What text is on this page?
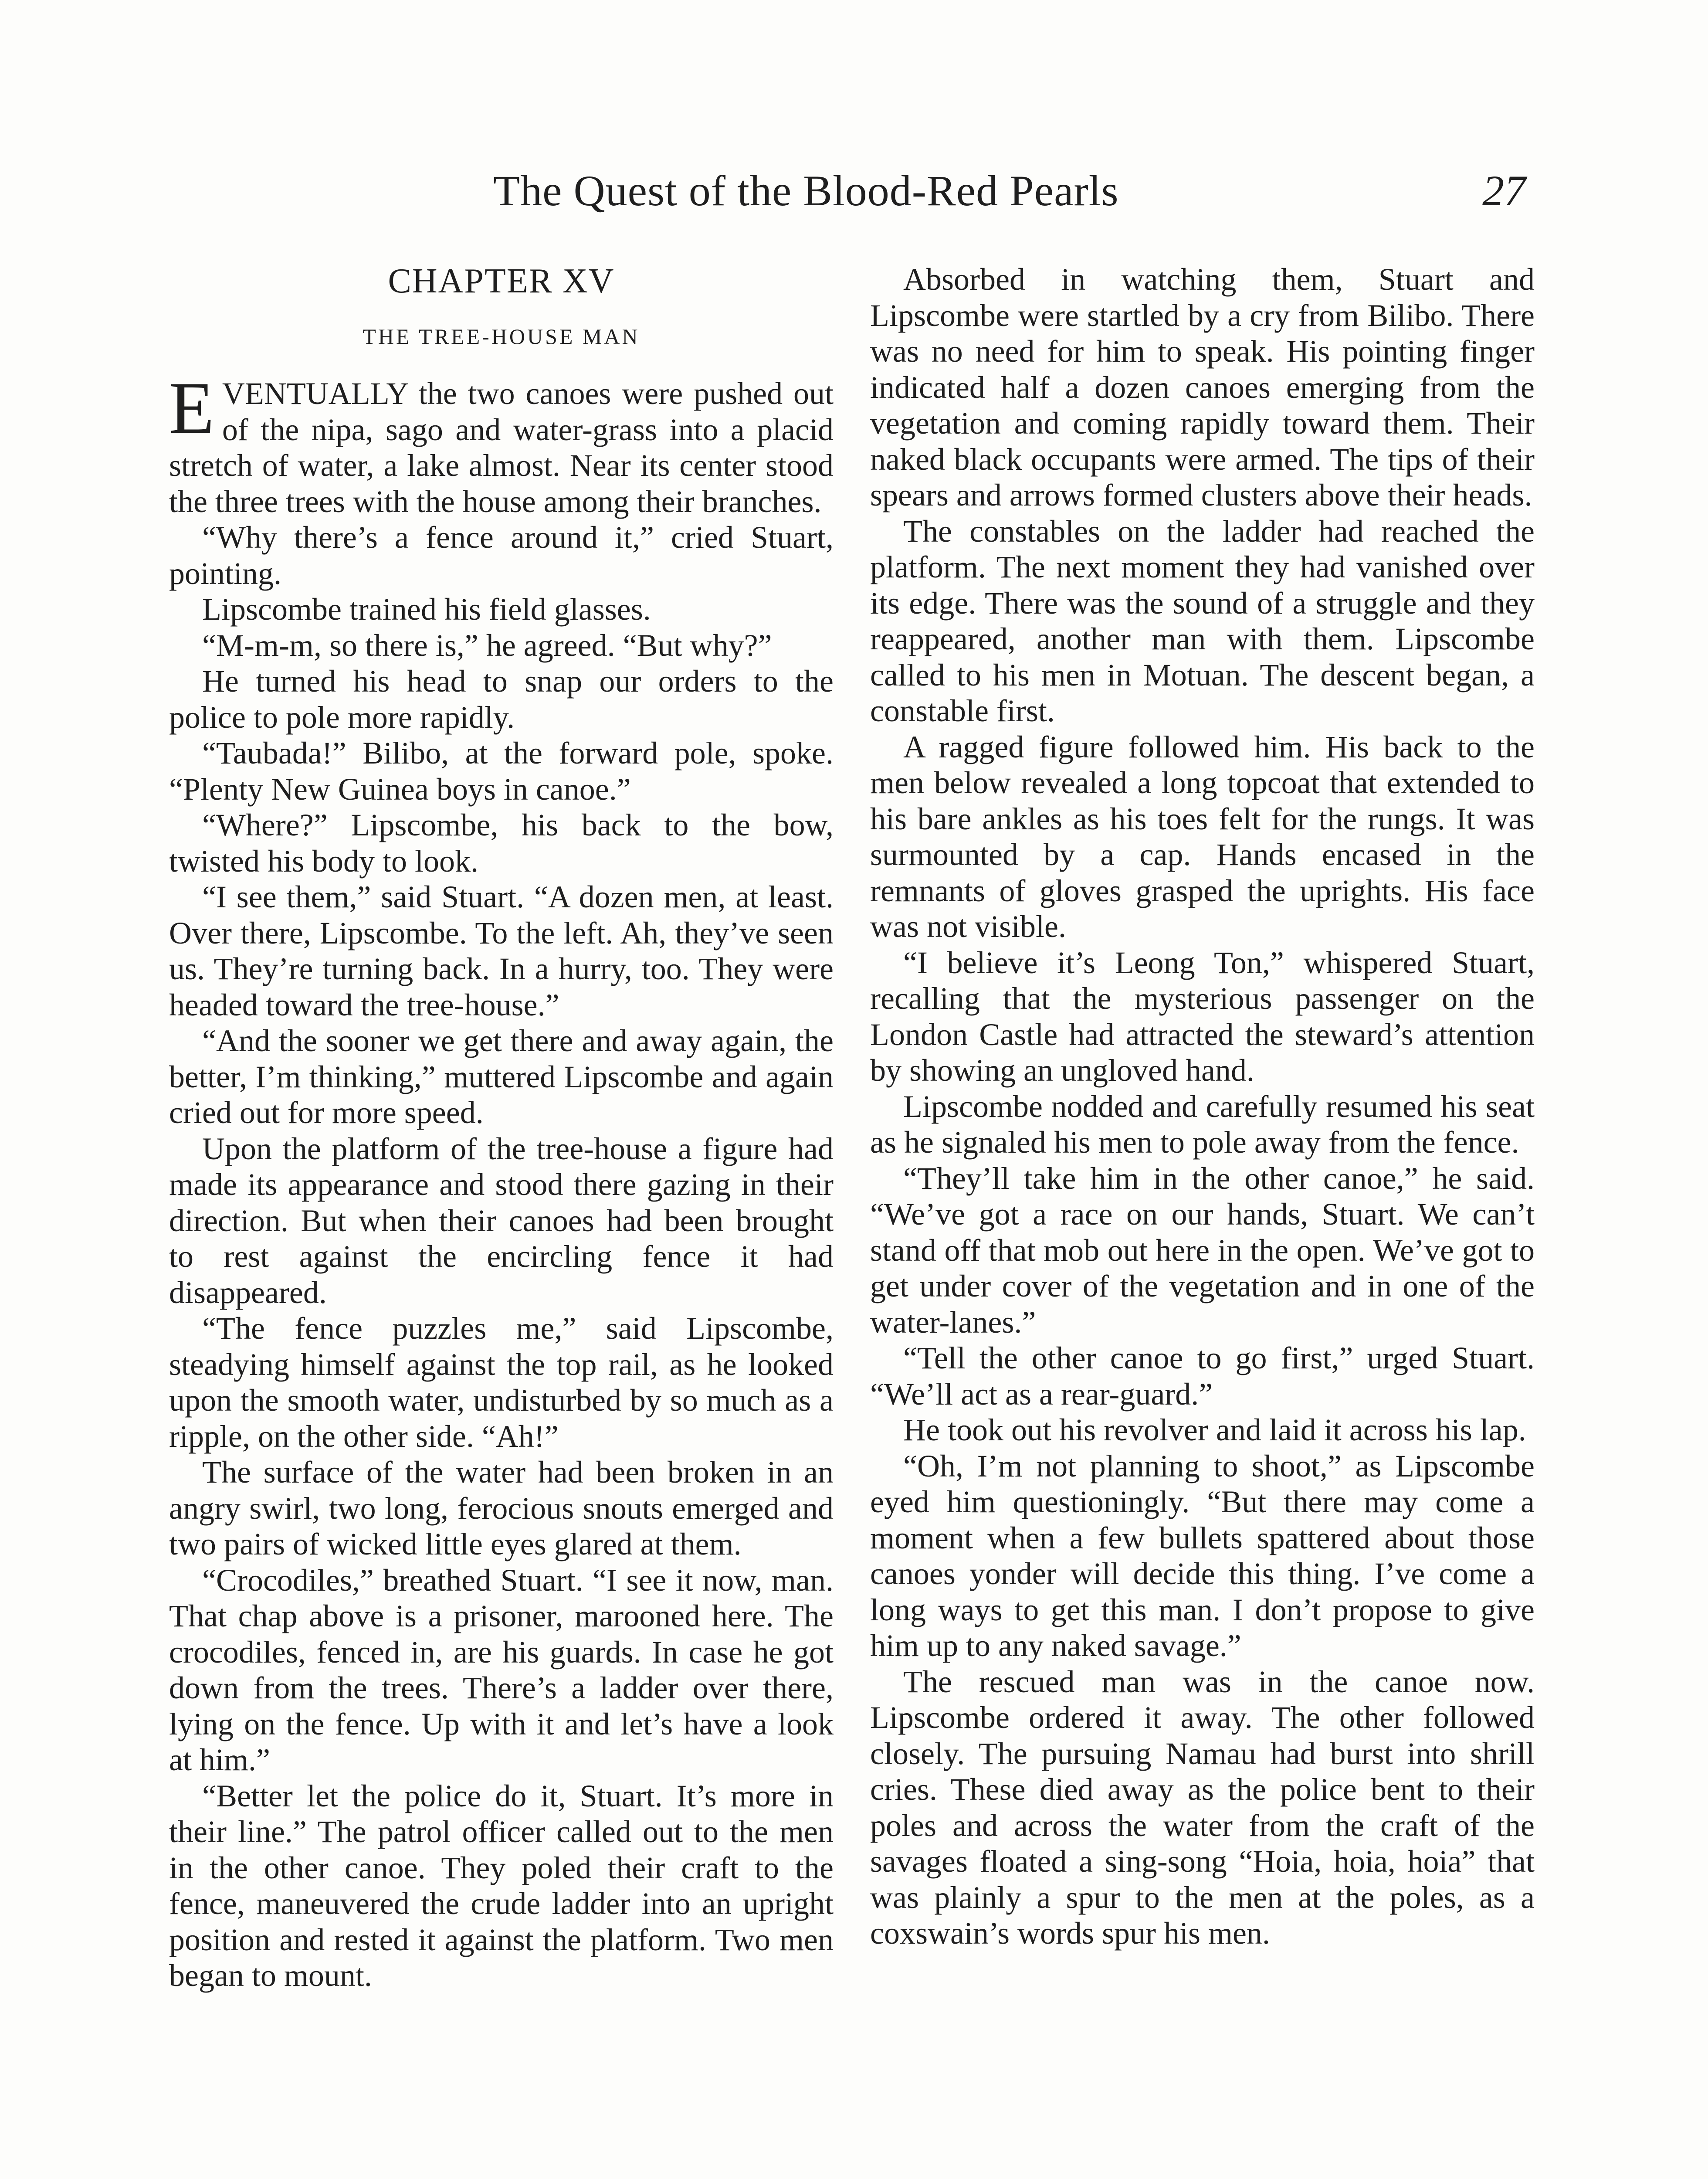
The Quest of the Blood-Red Pearls	27
CHAPTER XV
THE TREE-HOUSE MAN

EVENTUALLY the two canoes were pushed out of the nipa, sago and water-grass into a placid stretch of water, a lake almost. Near its center stood the three trees with the house among their branches.

“Why there’s a fence around it,” cried Stuart, pointing.

Lipscombe trained his field glasses.

“M-m-m, so there is,” he agreed. “But why?”

He turned his head to snap our orders to the police to pole more rapidly.

“Taubada!” Bilibo, at the forward pole, spoke. “Plenty New Guinea boys in canoe.”

“Where?” Lipscombe, his back to the bow, twisted his body to look.

“I see them,” said Stuart. “A dozen men, at least. Over there, Lipscombe. To the left. Ah, they’ve seen us. They’re turning back. In a hurry, too. They were headed toward the tree-house.”

“And the sooner we get there and away again, the better, I’m thinking,” muttered Lipscombe and again cried out for more speed.

Upon the platform of the tree-house a figure had made its appearance and stood there gazing in their direction. But when their canoes had been brought to rest against the encircling fence it had disappeared.

“The fence puzzles me,” said Lipscombe, steadying himself against the top rail, as he looked upon the smooth water, undisturbed by so much as a ripple, on the other side. “Ah!”

The surface of the water had been broken in an angry swirl, two long, ferocious snouts emerged and two pairs of wicked little eyes glared at them.

“Crocodiles,” breathed Stuart. “I see it now, man. That chap above is a prisoner, marooned here. The crocodiles, fenced in, are his guards. In case he got down from the trees. There’s a ladder over there, lying on the fence. Up with it and let’s have a look at him.”

“Better let the police do it, Stuart. It’s more in their line.” The patrol officer called out to the men in the other canoe. They poled their craft to the fence, maneuvered the crude ladder into an upright position and rested it against the platform. Two men began to mount.

Absorbed in watching them, Stuart and Lipscombe were startled by a cry from Bilibo. There was no need for him to speak. His pointing finger indicated half a dozen canoes emerging from the vegetation and coming rapidly toward them. Their naked black occupants were armed. The tips of their spears and arrows formed clusters above their heads.

The constables on the ladder had reached the platform. The next moment they had vanished over its edge. There was the sound of a struggle and they reappeared, another man with them. Lipscombe called to his men in Motuan. The descent began, a constable first.

A ragged figure followed him. His back to the men below revealed a long topcoat that extended to his bare ankles as his toes felt for the rungs. It was surmounted by a cap. Hands encased in the remnants of gloves grasped the uprights. His face was not visible.

“I believe it’s Leong Ton,” whispered Stuart, recalling that the mysterious passenger on the London Castle had attracted the steward’s attention by showing an ungloved hand.

Lipscombe nodded and carefully resumed his seat as he signaled his men to pole away from the fence.

“They’ll take him in the other canoe,” he said. “We’ve got a race on our hands, Stuart. We can’t stand off that mob out here in the open. We’ve got to get under cover of the vegetation and in one of the water-lanes.”

“Tell the other canoe to go first,” urged Stuart. “We’ll act as a rear-guard.”

He took out his revolver and laid it across his lap.

“Oh, I’m not planning to shoot,” as Lipscombe eyed him questioningly. “But there may come a moment when a few bullets spattered about those canoes yonder will decide this thing. I’ve come a long ways to get this man. I don’t propose to give him up to any naked savage.”

The rescued man was in the canoe now. Lipscombe ordered it away. The other followed closely. The pursuing Namau had burst into shrill cries. These died away as the police bent to their poles and across the water from the craft of the savages floated a sing-song “Hoia, hoia, hoia” that was plainly a spur to the men at the poles, as a coxswain’s words spur his men.
